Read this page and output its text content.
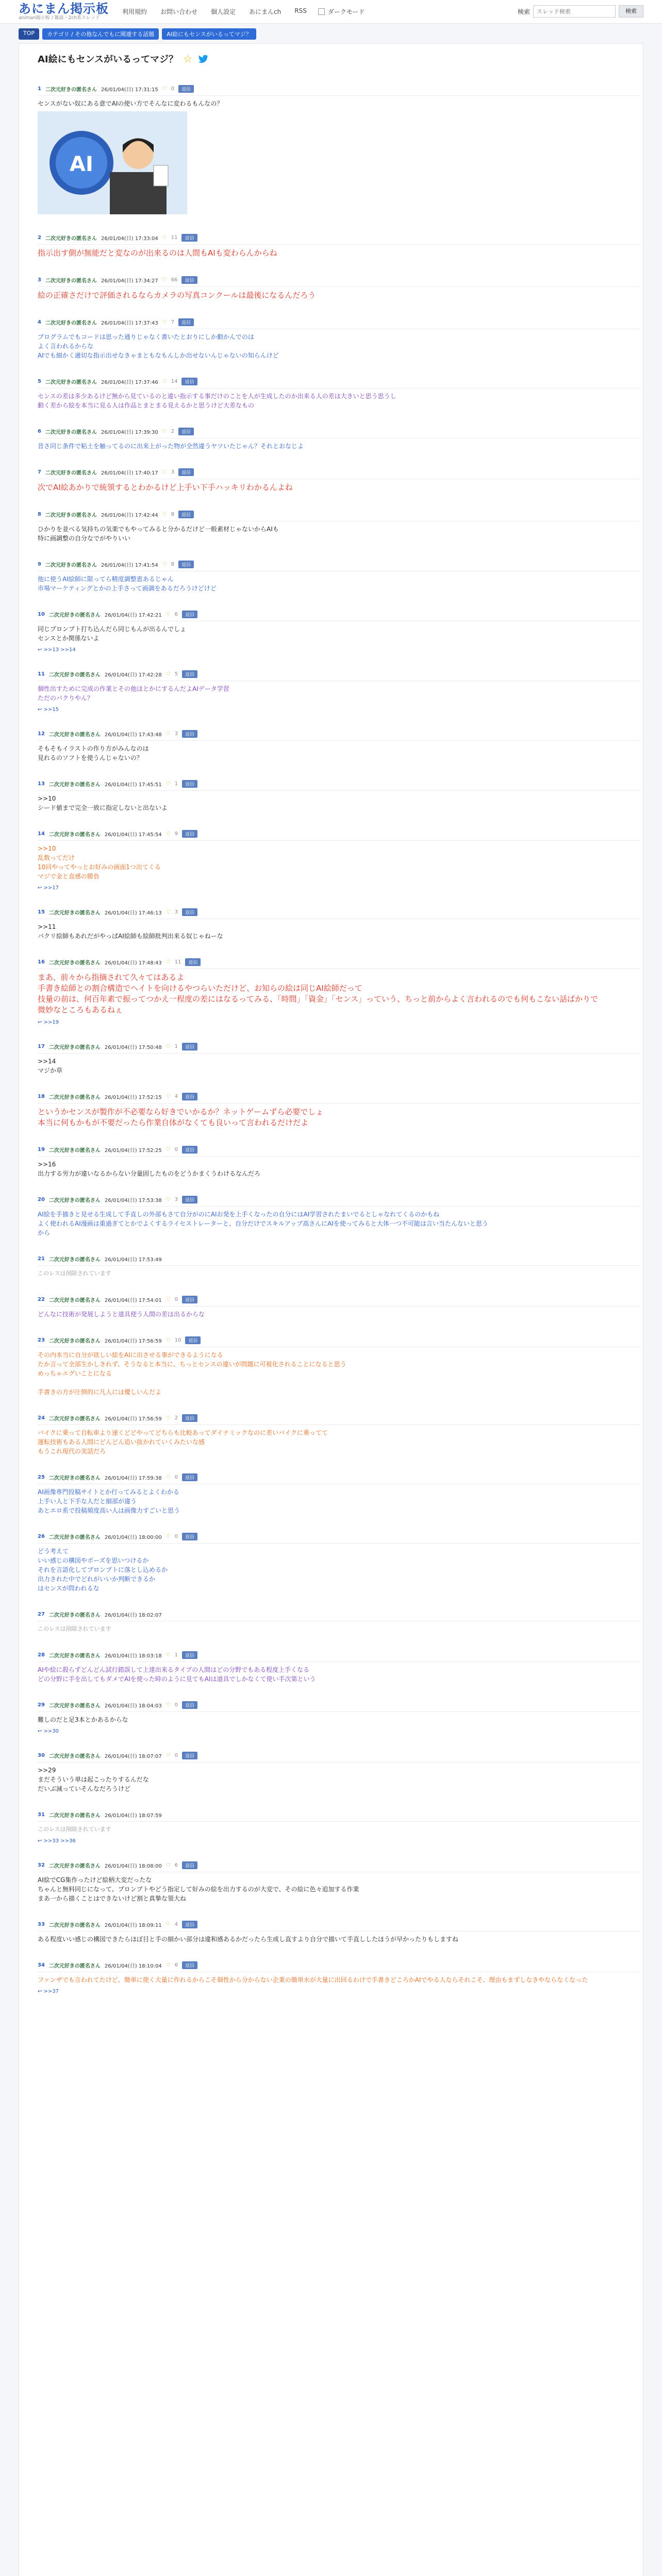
あにまん掲示板
animan掲示板 / 雑談・2ch系スレッド
利用規約 お問い合わせ 個人設定 あにまんch RSS	ダークモード	検索
スレッド検索	検索
TOP	カテゴリ / その他なんでもに関連する話題	AI絵にもセンスがいるってマジ？
AI絵にもセンスがいるってマジ？ ☆
1 二次元好きの匿名さん 26/01/04(日) 17:31:15 ♡ 0	返信
センスがない奴にある意でAIの使い方でそんなに変わるもんなの？
AI
2 二次元好きの匿名さん 26/01/04(日) 17:33:04 ♡ 11	返信
指示出す側が無能だと変なのが出来るのは人間もAIも変わらんからね
3 二次元好きの匿名さん 26/01/04(日) 17:34:27 ♡ 66	返信
絵の正確さだけで評価されるならカメラの写真コンクールは最後になるんだろう
4 二次元好きの匿名さん 26/01/04(日) 17:37:43 ♡ 7	返信
プログラムでもコードは思った通りじゃなく書いたとおりにしか動かんでのは
よく言われるからな
AIでも細かく適切な指示出せなきゃまともなもんしか出せないんじゃないの知らんけど
5 二次元好きの匿名さん 26/01/04(日) 17:37:46 ♡ 14	返信
センスの差は多少あるけど無から見ているのと違い指示する事だけのことを人が生成したのか出来る人の差は大きいと思う思うし
動く差から絵を本当に見る人は作品とまとまる見えるかと思うけど大差なもの
6 二次元好きの匿名さん 26/01/04(日) 17:39:30 ♡ 2	返信
昔さ同じ条件で粘土を触ってるのに出来上がった物が全然違うヤツいたじゃん？それとおなじよ
7 二次元好きの匿名さん 26/01/04(日) 17:40:17 ♡ 3	返信
次でAI絵あかりで統領するとわかるけど上手い下手ハッキリわかるんよね
8 二次元好きの匿名さん 26/01/04(日) 17:42:44 ♡ 8	返信
ひかりを並べる気持ちの気楽でもやってみると分かるだけど一般素材じゃないからAIも
特に画調整の自分なでがやりいい
9 二次元好きの匿名さん 26/01/04(日) 17:41:54 ♡ 8	返信
他に使うAI絵師に限ってら精度調整恵あるじゃん
市場マーケティングとかの上手さって画調をあるだろうけどけど
10 二次元好きの匿名さん 26/01/04(日) 17:42:21 ♡ 6	返信
同じプロンプト打ち込んだら同じもんが出るんでしょ
センスとか関係ないよ
↩ >>13 >>14
11 二次元好きの匿名さん 26/01/04(日) 17:42:28 ♡ 5	返信
個性出すために完成の作業とその他ほとかにするんだよAIデータ学習
ただのバクりやん？
↩ >>15
12 二次元好きの匿名さん 26/01/04(日) 17:43:48 ♡ 3	返信
そもそもイラストの作り方がみんなのは
見れるのソフトを使うんじゃないの？
13 二次元好きの匿名さん 26/01/04(日) 17:45:51 ♡ 1	返信
>>10
シード値まで完全一致に指定しないと出ないよ
14 二次元好きの匿名さん 26/01/04(日) 17:45:54 ♡ 9	返信
>>10
乱数ってだけ
10回やってやっとお好みの画面1つ出てくる
マジで金と直感の勝負
↩ >>17
15 二次元好きの匿名さん 26/01/04(日) 17:46:13 ♡ 3	返信
>>11
パクリ絵師もあれだがやっぱAI絵師も絵師批判出来る奴じゃねーな
16 二次元好きの匿名さん 26/01/04(日) 17:48:43 ♡ 11	返信
まあ、前々から指摘されて久々てはあるよ
手書き絵師との割合構造でヘイトを向けるやつらいただけど、お知らの絵は同じAI絵師だって
技量の前は、何百年素で振ってつかえ一程度の差にはなるってみる、「時間」「資金」「センス」っていう、ちっと前からよく言われるのでも何もこない話ばかりで
微妙なところもあるねぇ
↩ >>19
17 二次元好きの匿名さん 26/01/04(日) 17:50:48 ♡ 1	返信
>>14
マジか草
18 二次元好きの匿名さん 26/01/04(日) 17:52:15 ♡ 4	返信
というかセンスが製作が不必要なら好きでいかるか？ネットゲームずら必要でしょ
本当に何もかもが不要だったら作業自体がなくても良いって言われるだけだよ
19 二次元好きの匿名さん 26/01/04(日) 17:52:25 ♡ 0	返信
>>16
出力する労力が違いなるからない分量固したものをどうかまくうわけるなんだろ
20 二次元好きの匿名さん 26/01/04(日) 17:53:38 ♡ 3	返信
AI絵を手描きと見せる生成して手直しの外部もさて自分がのにAIお発を上手くなったの自分にはAI学習されたまいでるとしゃなれてくるのかもね
よく使われるAI漫画は重過ぎてとかでよくするライセストレーターと、自分だけでスキルアップ高さんにAIを使ってみると大体一つ不可能は言い当たんないと思う
から
21 二次元好きの匿名さん 26/01/04(日) 17:53:49
このレスは削除されています
22 二次元好きの匿名さん 26/01/04(日) 17:54:01 ♡ 0	返信
どんなに技術が発展しようと道具使う人間の差は出るからな
23 二次元好きの匿名さん 26/01/04(日) 17:56:59 ♡ 10	返信
その内本当に自分が欲しい絵をAIに出させる事ができるようになる
たか言って全部生かしきれず、そうなると本当に、ちっとセンスの違いが問題に可視化されることになると思う
めっちゃエグいことになる

手書きの方が圧倒的に凡人には優しいんだよ
24 二次元好きの匿名さん 26/01/04(日) 17:56:59 ♡ 2	返信
バイクに乗って自転車より速くどどやってどちらも比較あってダイナミックなのに差いバイクに乗ってて
運転技術もある人間にどんどん追い抜かれていくみたいな感
もうこれ現代の実話だろ
25 二次元好きの匿名さん 26/01/04(日) 17:59:38 ♡ 0	返信
AI画像専門投稿サイトとか行ってみるとよくわかる
上手い人と下手な人だと細部が違う
あとエロ系で投稿頻度高い人は画像力すごいと思う
26 二次元好きの匿名さん 26/01/04(日) 18:00:00 ♡ 0	返信
どう考えて
いい感じの構図やポーズを思いつけるか
それを言語化してプロンプトに落とし込めるか
出力された中でどれがいいか判断できるか
はセンスが問われるな
27 二次元好きの匿名さん 26/01/04(日) 18:02:07
このレスは削除されています
28 二次元好きの匿名さん 26/01/04(日) 18:03:18 ♡ 1	返信
AIや絵に殺らずどんどん試行錯誤して上達出来るタイプの人間はどの分野でもある程度上手くなる
どの分野に手を出してもダメでAIを使った時のように見てもAIは道具でしかなくて使い手次第という
29 二次元好きの匿名さん 26/01/04(日) 18:04:03 ♡ 0	返信
難しのだと足3本とかあるからな
↩ >>30
30 二次元好きの匿名さん 26/01/04(日) 18:07:07 ♡ 0	返信
>>29
まだそういう単は起こったりするんだな
だいぶ減っていそんなだろうけど
31 二次元好きの匿名さん 26/01/04(日) 18:07:59
このレスは削除されています
↩ >>33 >>36
32 二次元好きの匿名さん 26/01/04(日) 18:08:00 ♡ 6	返信
AI絵でCG集作ったけど絵柄大変だったな
ちゃんと無料同じになって、プロンプトやどう指定して好みの絵を出力するのが大変で、その絵に色々追加する作業
まあ一から描くことはできないけど割と真摯な領大ね
33 二次元好きの匿名さん 26/01/04(日) 18:09:11 ♡ 4	返信
ある程度いい感じの構図できたらほぼ目と手の細かい部分は違和感あるかだったら生成し直すより自分で描いて手直ししたほうが早かったりもしますね
34 二次元好きの匿名さん 26/01/04(日) 18:10:04 ♡ 6	返信
ファンザでも言われてたけど、簡単に使く大量に作れるからこそ個性から分からない企業の簡単水が大量に出回るわけで手書きどころかAIでやる人ならそれこそ、理由もまずしなきやならなくなった
↩ >>37
